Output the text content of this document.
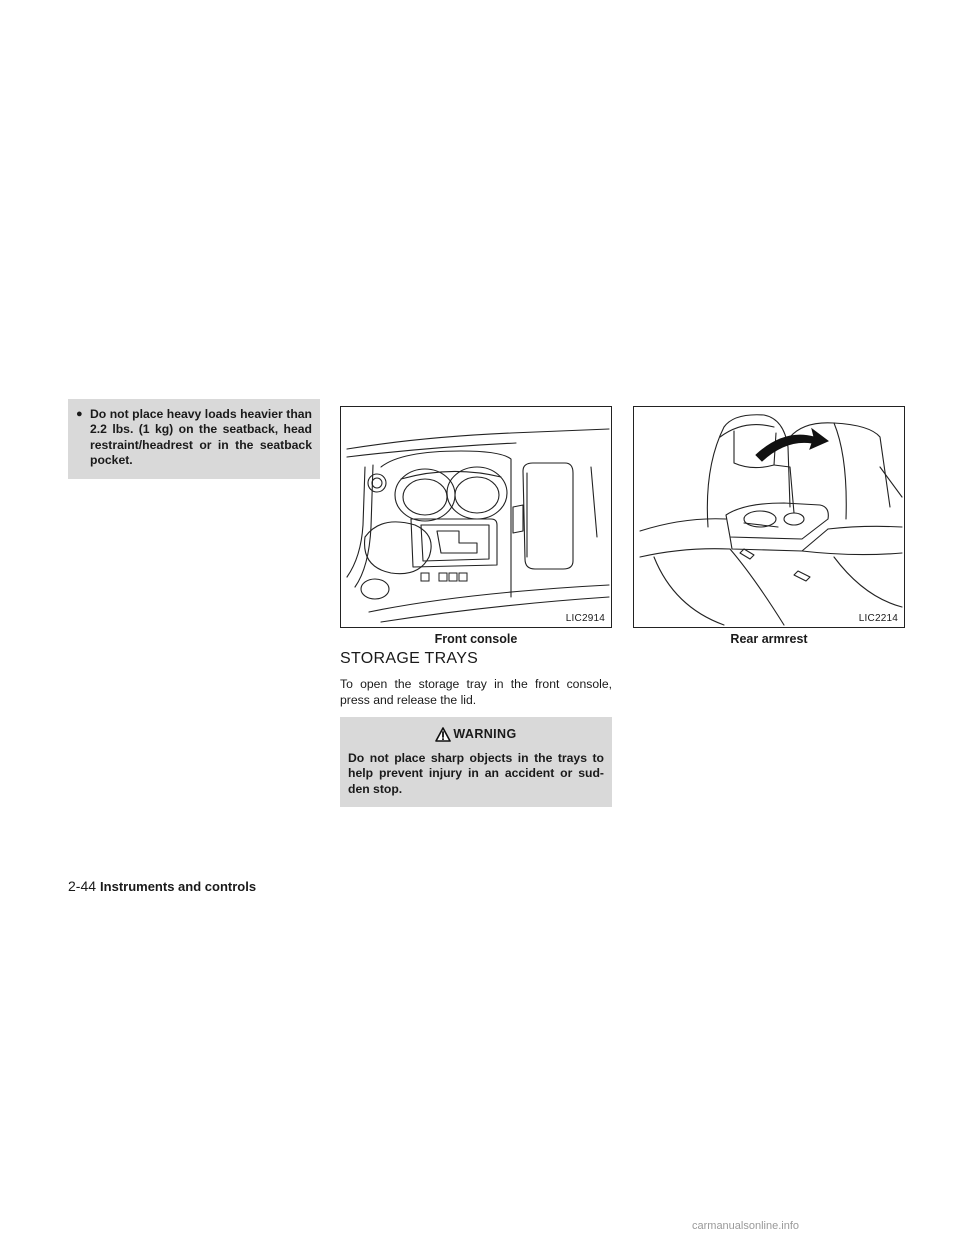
● Do not place heavy loads heavier than 2.2 lbs. (1 kg) on the seatback, head restraint/headrest or in the seatback pocket.
LIC2914
Front console
LIC2214
Rear armrest
STORAGE TRAYS

To open the storage tray in the front console, press and release the lid.

WARNING
Do not place sharp objects in the trays to help prevent injury in an accident or sud-den stop.
2-44 Instruments and controls
carmanualsonline.info
